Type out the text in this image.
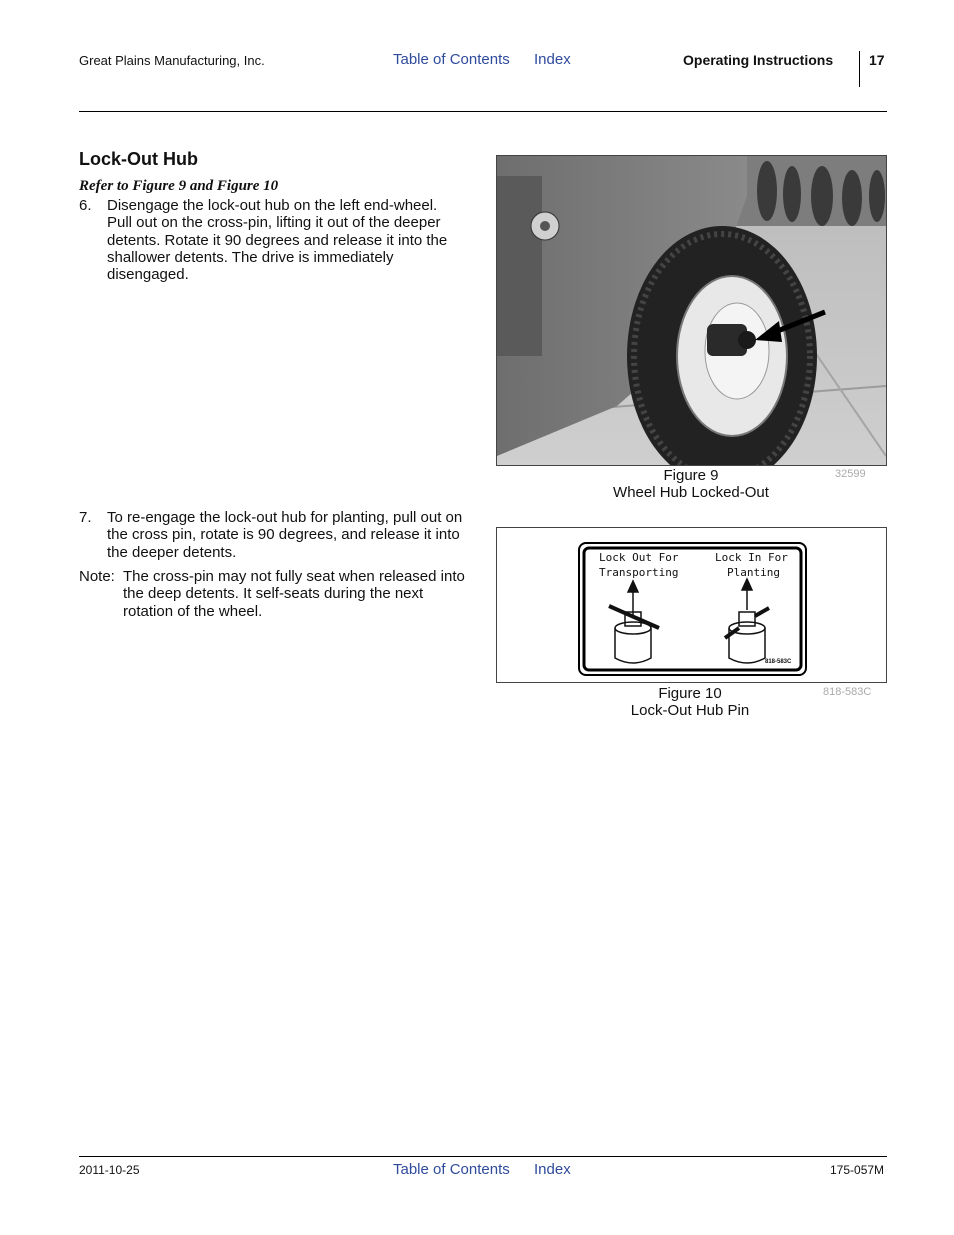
Great Plains Manufacturing, Inc.	Table of Contents Index	Operating Instructions	17
Lock-Out Hub
Refer to Figure 9 and Figure 10
6. Disengage the lock-out hub on the left end-wheel. Pull out on the cross-pin, lifting it out of the deeper detents. Rotate it 90 degrees and release it into the shallower detents. The drive is immediately disengaged.
7. To re-engage the lock-out hub for planting, pull out on the cross pin, rotate is 90 degrees, and release it into the deeper detents.
Note: The cross-pin may not fully seat when released into the deep detents. It self-seats during the next rotation of the wheel.
Figure 9
Wheel Hub Locked-Out
32599
Lock Out For
Transporting
Lock In For
Planting
818-583C
Figure 10
Lock-Out Hub Pin
818-583C
2011-10-25	Table of Contents Index	175-057M
